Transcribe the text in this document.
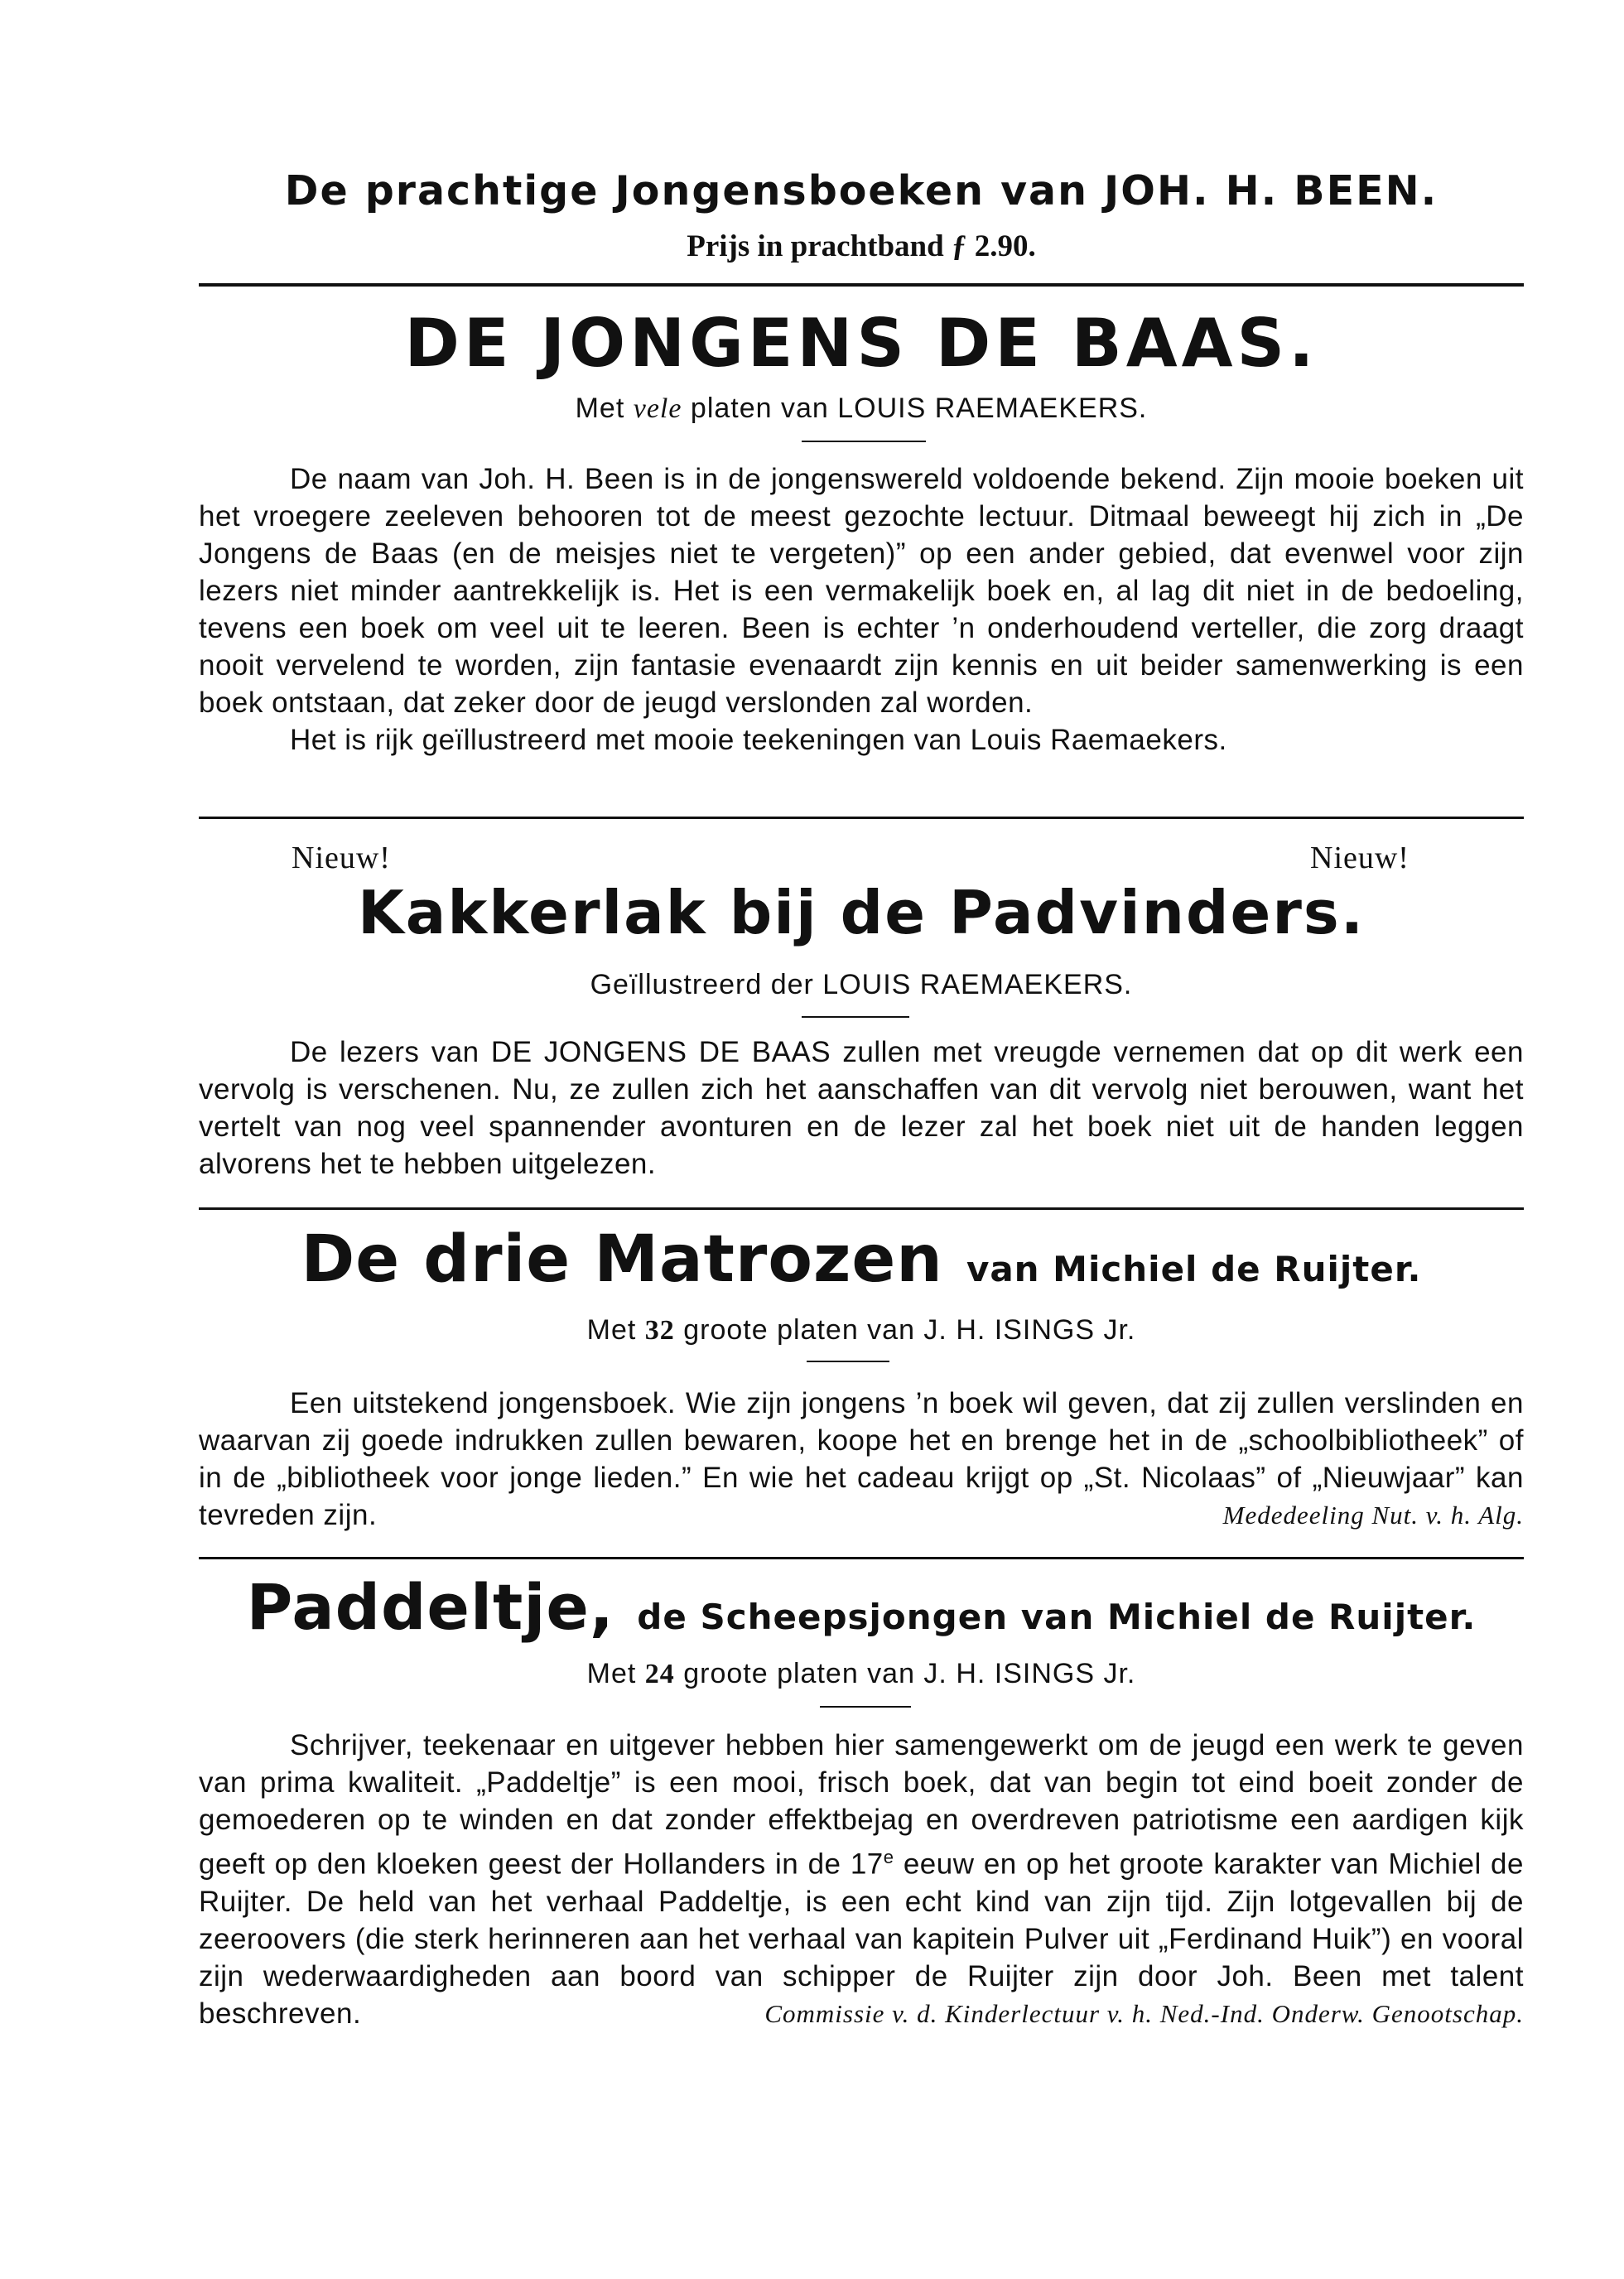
De prachtige Jongensboeken van JOH. H. BEEN.
Prijs in prachtband ƒ 2.90.
DE JONGENS DE BAAS.
Met vele platen van LOUIS RAEMAEKERS.

De naam van Joh. H. Been is in de jongenswereld voldoende bekend. Zijn mooie boeken uit het vroegere zeeleven behooren tot de meest gezochte lectuur. Ditmaal beweegt hij zich in „De Jongens de Baas (en de meisjes niet te vergeten)” op een ander gebied, dat evenwel voor zijn lezers niet minder aantrekkelijk is. Het is een vermakelijk boek en, al lag dit niet in de bedoeling, tevens een boek om veel uit te leeren. Been is echter ’n onderhoudend verteller, die zorg draagt nooit vervelend te worden, zijn fantasie evenaardt zijn kennis en uit beider samenwerking is een boek ontstaan, dat zeker door de jeugd verslonden zal worden.

Het is rijk geïllustreerd met mooie teekeningen van Louis Raemaekers.

Nieuw!	Nieuw!
Kakkerlak bij de Padvinders.
Geïllustreerd der LOUIS RAEMAEKERS.

De lezers van DE JONGENS DE BAAS zullen met vreugde vernemen dat op dit werk een vervolg is verschenen. Nu, ze zullen zich het aanschaffen van dit vervolg niet berouwen, want het vertelt van nog veel spannender avonturen en de lezer zal het boek niet uit de handen leggen alvorens het te hebben uitgelezen.

De drie Matrozen van Michiel de Ruijter.
Met 32 groote platen van J. H. ISINGS Jr.

Een uitstekend jongensboek. Wie zijn jongens ’n boek wil geven, dat zij zullen verslinden en waarvan zij goede indrukken zullen bewaren, koope het en brenge het in de „schoolbibliotheek” of in de „bibliotheek voor jonge lieden.” En wie het cadeau krijgt op „St. Nicolaas” of „Nieuwjaar” kan tevreden zijn.	Mededeeling Nut. v. h. Alg.

Paddeltje, de Scheepsjongen van Michiel de Ruijter.
Met 24 groote platen van J. H. ISINGS Jr.

Schrijver, teekenaar en uitgever hebben hier samengewerkt om de jeugd een werk te geven van prima kwaliteit. „Paddeltje” is een mooi, frisch boek, dat van begin tot eind boeit zonder de gemoederen op te winden en dat zonder effektbejag en overdreven patriotisme een aardigen kijk geeft op den kloeken geest der Hollanders in de 17e eeuw en op het groote karakter van Michiel de Ruijter. De held van het verhaal Paddeltje, is een echt kind van zijn tijd. Zijn lotgevallen bij de zeeroovers (die sterk herinneren aan het verhaal van kapitein Pulver uit „Ferdinand Huik”) en vooral zijn wederwaardigheden aan boord van schipper de Ruijter zijn door Joh. Been met talent beschreven.	Commissie v. d. Kinderlectuur v. h. Ned.-Ind. Onderw. Genootschap.
